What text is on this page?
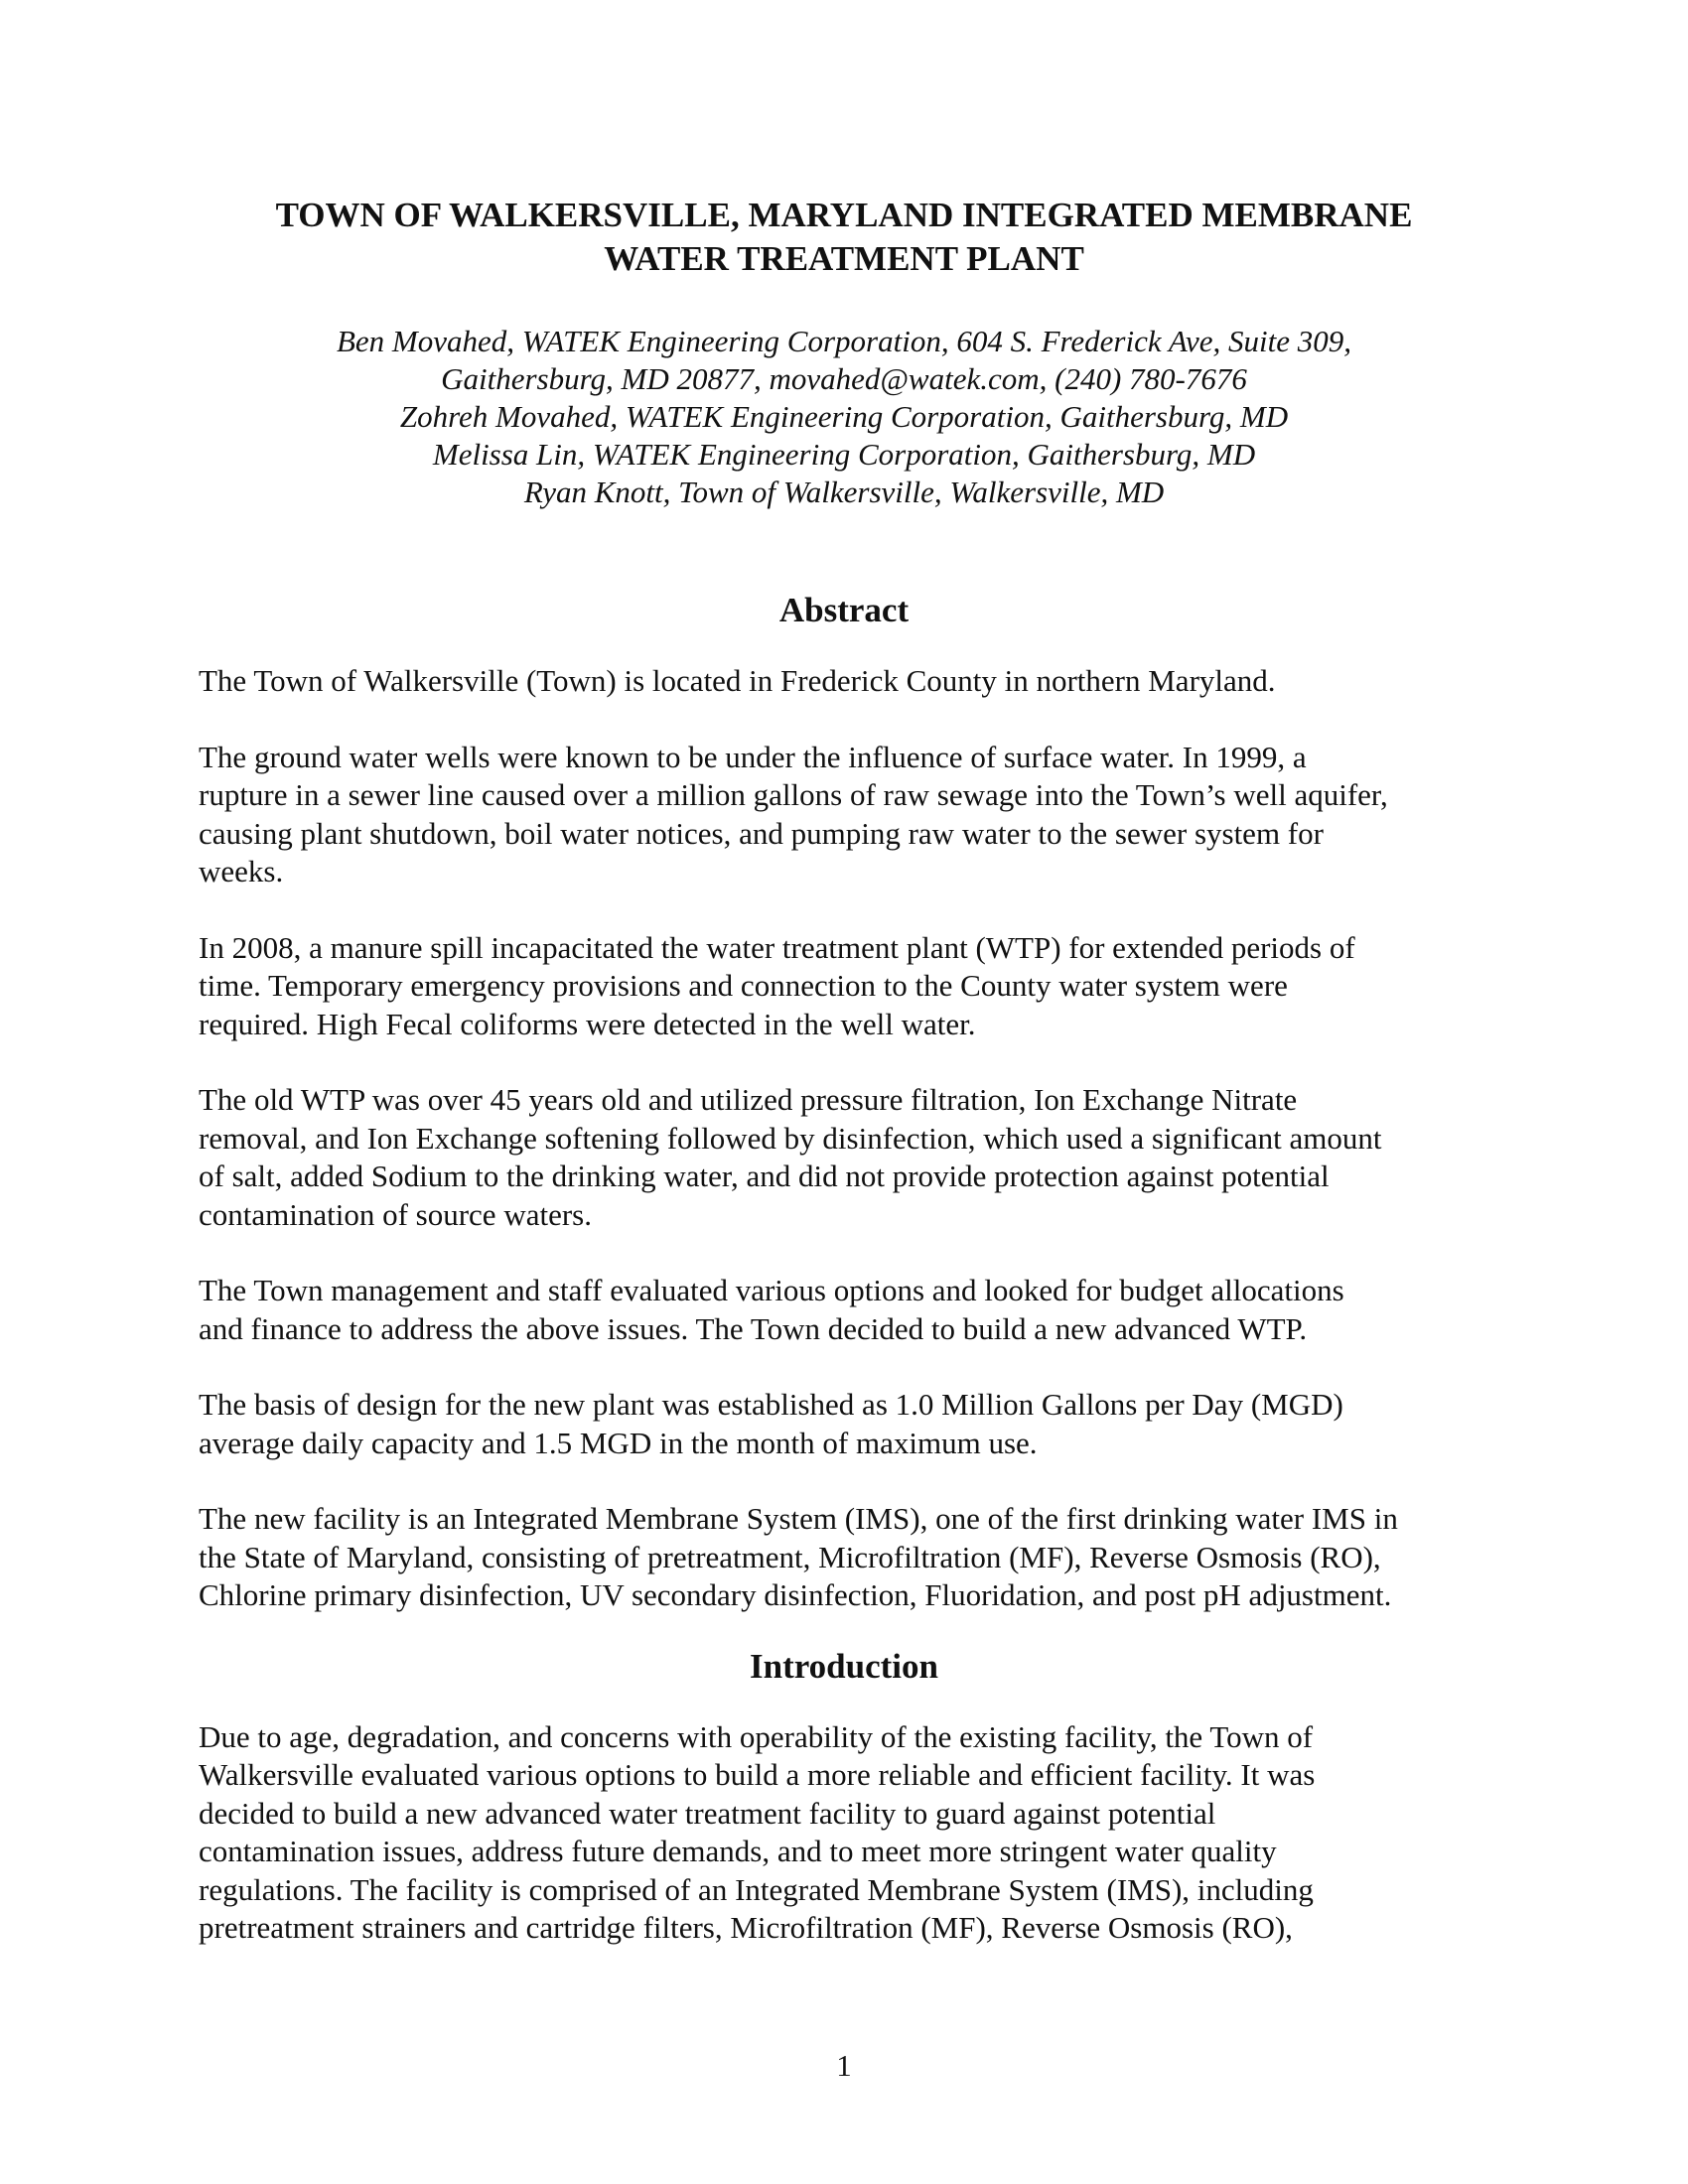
TOWN OF WALKERSVILLE, MARYLAND INTEGRATED MEMBRANE
WATER TREATMENT PLANT
Ben Movahed, WATEK Engineering Corporation, 604 S. Frederick Ave, Suite 309,
Gaithersburg, MD 20877, movahed@watek.com, (240) 780-7676
Zohreh Movahed, WATEK Engineering Corporation, Gaithersburg, MD
Melissa Lin, WATEK Engineering Corporation, Gaithersburg, MD
Ryan Knott, Town of Walkersville, Walkersville, MD
Abstract

The Town of Walkersville (Town) is located in Frederick County in northern Maryland.

The ground water wells were known to be under the influence of surface water. In 1999, a
rupture in a sewer line caused over a million gallons of raw sewage into the Town’s well aquifer,
causing plant shutdown, boil water notices, and pumping raw water to the sewer system for
weeks.

In 2008, a manure spill incapacitated the water treatment plant (WTP) for extended periods of
time. Temporary emergency provisions and connection to the County water system were
required. High Fecal coliforms were detected in the well water.

The old WTP was over 45 years old and utilized pressure filtration, Ion Exchange Nitrate
removal, and Ion Exchange softening followed by disinfection, which used a significant amount
of salt, added Sodium to the drinking water, and did not provide protection against potential
contamination of source waters.

The Town management and staff evaluated various options and looked for budget allocations
and finance to address the above issues. The Town decided to build a new advanced WTP.

The basis of design for the new plant was established as 1.0 Million Gallons per Day (MGD)
average daily capacity and 1.5 MGD in the month of maximum use.

The new facility is an Integrated Membrane System (IMS), one of the first drinking water IMS in
the State of Maryland, consisting of pretreatment, Microfiltration (MF), Reverse Osmosis (RO),
Chlorine primary disinfection, UV secondary disinfection, Fluoridation, and post pH adjustment.

Introduction

Due to age, degradation, and concerns with operability of the existing facility, the Town of
Walkersville evaluated various options to build a more reliable and efficient facility. It was
decided to build a new advanced water treatment facility to guard against potential
contamination issues, address future demands, and to meet more stringent water quality
regulations. The facility is comprised of an Integrated Membrane System (IMS), including
pretreatment strainers and cartridge filters, Microfiltration (MF), Reverse Osmosis (RO),

1
